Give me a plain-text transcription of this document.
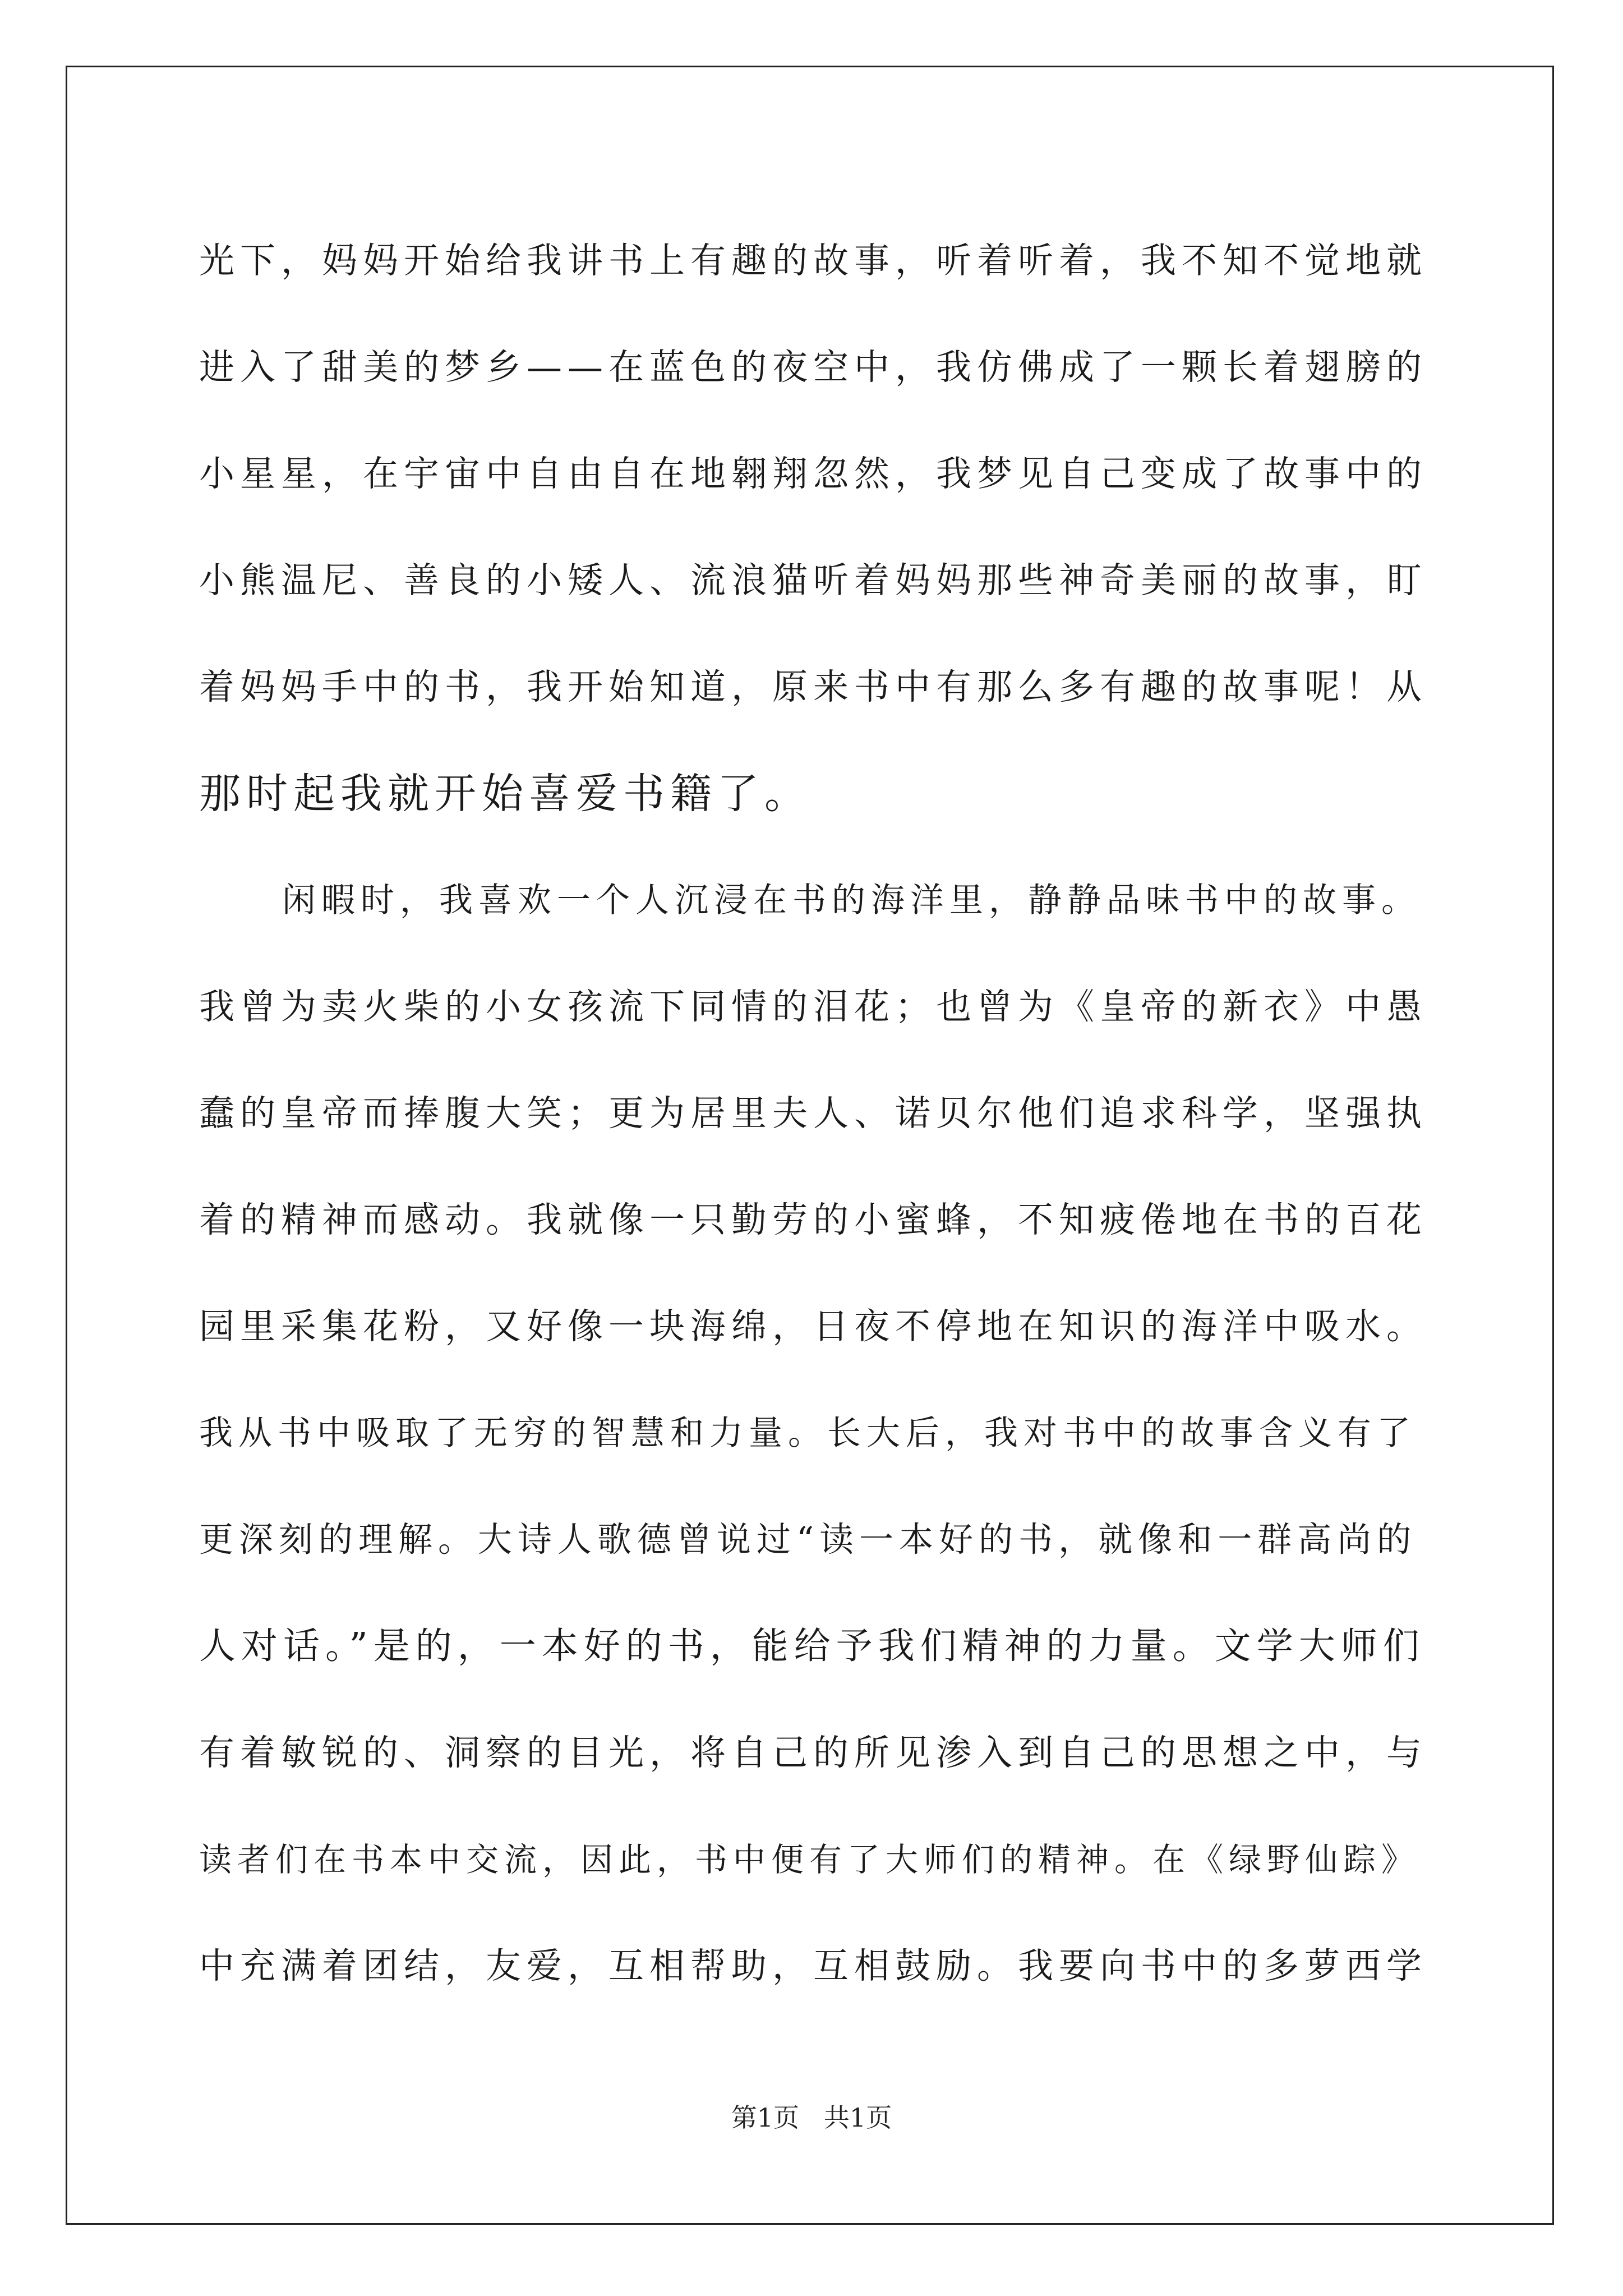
光下，妈妈开始给我讲书上有趣的故事，听着听着，我不知不觉地就
进入了甜美的梦乡——在蓝色的夜空中，我仿佛成了一颗长着翅膀的
小星星，在宇宙中自由自在地翱翔忽然，我梦见自己变成了故事中的
小熊温尼、善良的小矮人、流浪猫听着妈妈那些神奇美丽的故事，盯
着妈妈手中的书，我开始知道，原来书中有那么多有趣的故事呢！从
那时起我就开始喜爱书籍了。
闲暇时，我喜欢一个人沉浸在书的海洋里，静静品味书中的故事。
我曾为卖火柴的小女孩流下同情的泪花；也曾为《皇帝的新衣》中愚
蠢的皇帝而捧腹大笑；更为居里夫人、诺贝尔他们追求科学，坚强执
着的精神而感动。我就像一只勤劳的小蜜蜂，不知疲倦地在书的百花
园里采集花粉，又好像一块海绵，日夜不停地在知识的海洋中吸水。
我从书中吸取了无穷的智慧和力量。长大后，我对书中的故事含义有了
更深刻的理解。大诗人歌德曾说过“读一本好的书，就像和一群高尚的
人对话。”是的，一本好的书，能给予我们精神的力量。文学大师们
有着敏锐的、洞察的目光，将自己的所见渗入到自己的思想之中，与
读者们在书本中交流，因此，书中便有了大师们的精神。在《绿野仙踪》
中充满着团结，友爱，互相帮助，互相鼓励。我要向书中的多萝西学
第1页   共1页
